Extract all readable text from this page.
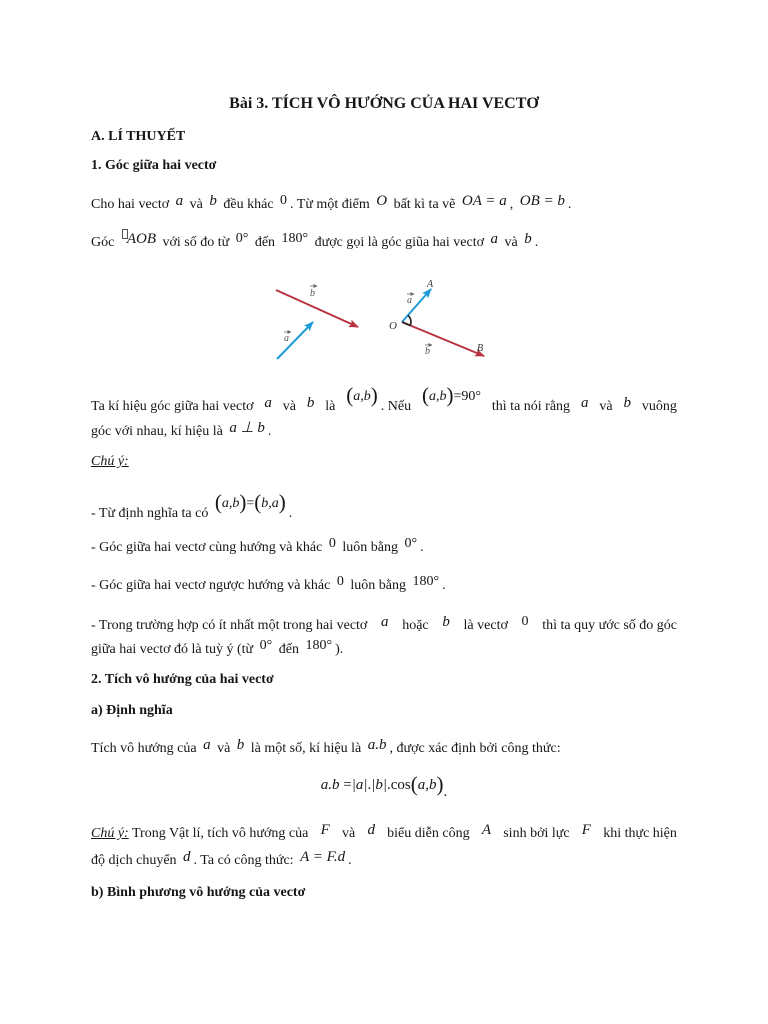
Bài 3. TÍCH VÔ HƯỚNG CỦA HAI VECTƠ
A. LÍ THUYẾT
1. Góc giữa hai vectơ
Cho hai vectơ a và b đều khác 0 . Từ một điểm O bất kì ta vẽ OA = a , OB = b .
Góc AOB với số đo từ 0° đến 180° được gọi là góc giũa hai vectơ a và b .
b
a
O
A
a
b	B
Ta kí hiệu góc giữa hai vectơ a và b là (a,b) . Nếu (a,b)=90°
thì ta nói rằng a và b vuông
góc với nhau, kí hiệu là a ⊥ b .
Chú ý:
- Từ định nghĩa ta có (a,b)=(b,a) .
- Góc giữa hai vectơ cùng hướng và khác 0 luôn bằng 0° .
- Góc giữa hai vectơ ngược hướng và khác 0 luôn bằng 180° .
- Trong trường hợp có ít nhất một trong hai vectơ a hoặc b là vectơ 0 thì ta quy ước số đo góc
giữa hai vectơ đó là tuỳ ý (từ 0° đến 180° ).
2. Tích vô hướng của hai vectơ
a) Định nghĩa
Tích vô hướng của a và b là một số, kí hiệu là a.b , được xác định bởi công thức:
a.b =|a|.|b|.cos(a,b).
Chú ý: Trong Vật lí, tích vô hướng của F và d biểu diễn công A sinh bởi lực F khi thực hiện
độ dịch chuyển d . Ta có công thức: A = F.d .
b) Bình phương vô hướng của vectơ
